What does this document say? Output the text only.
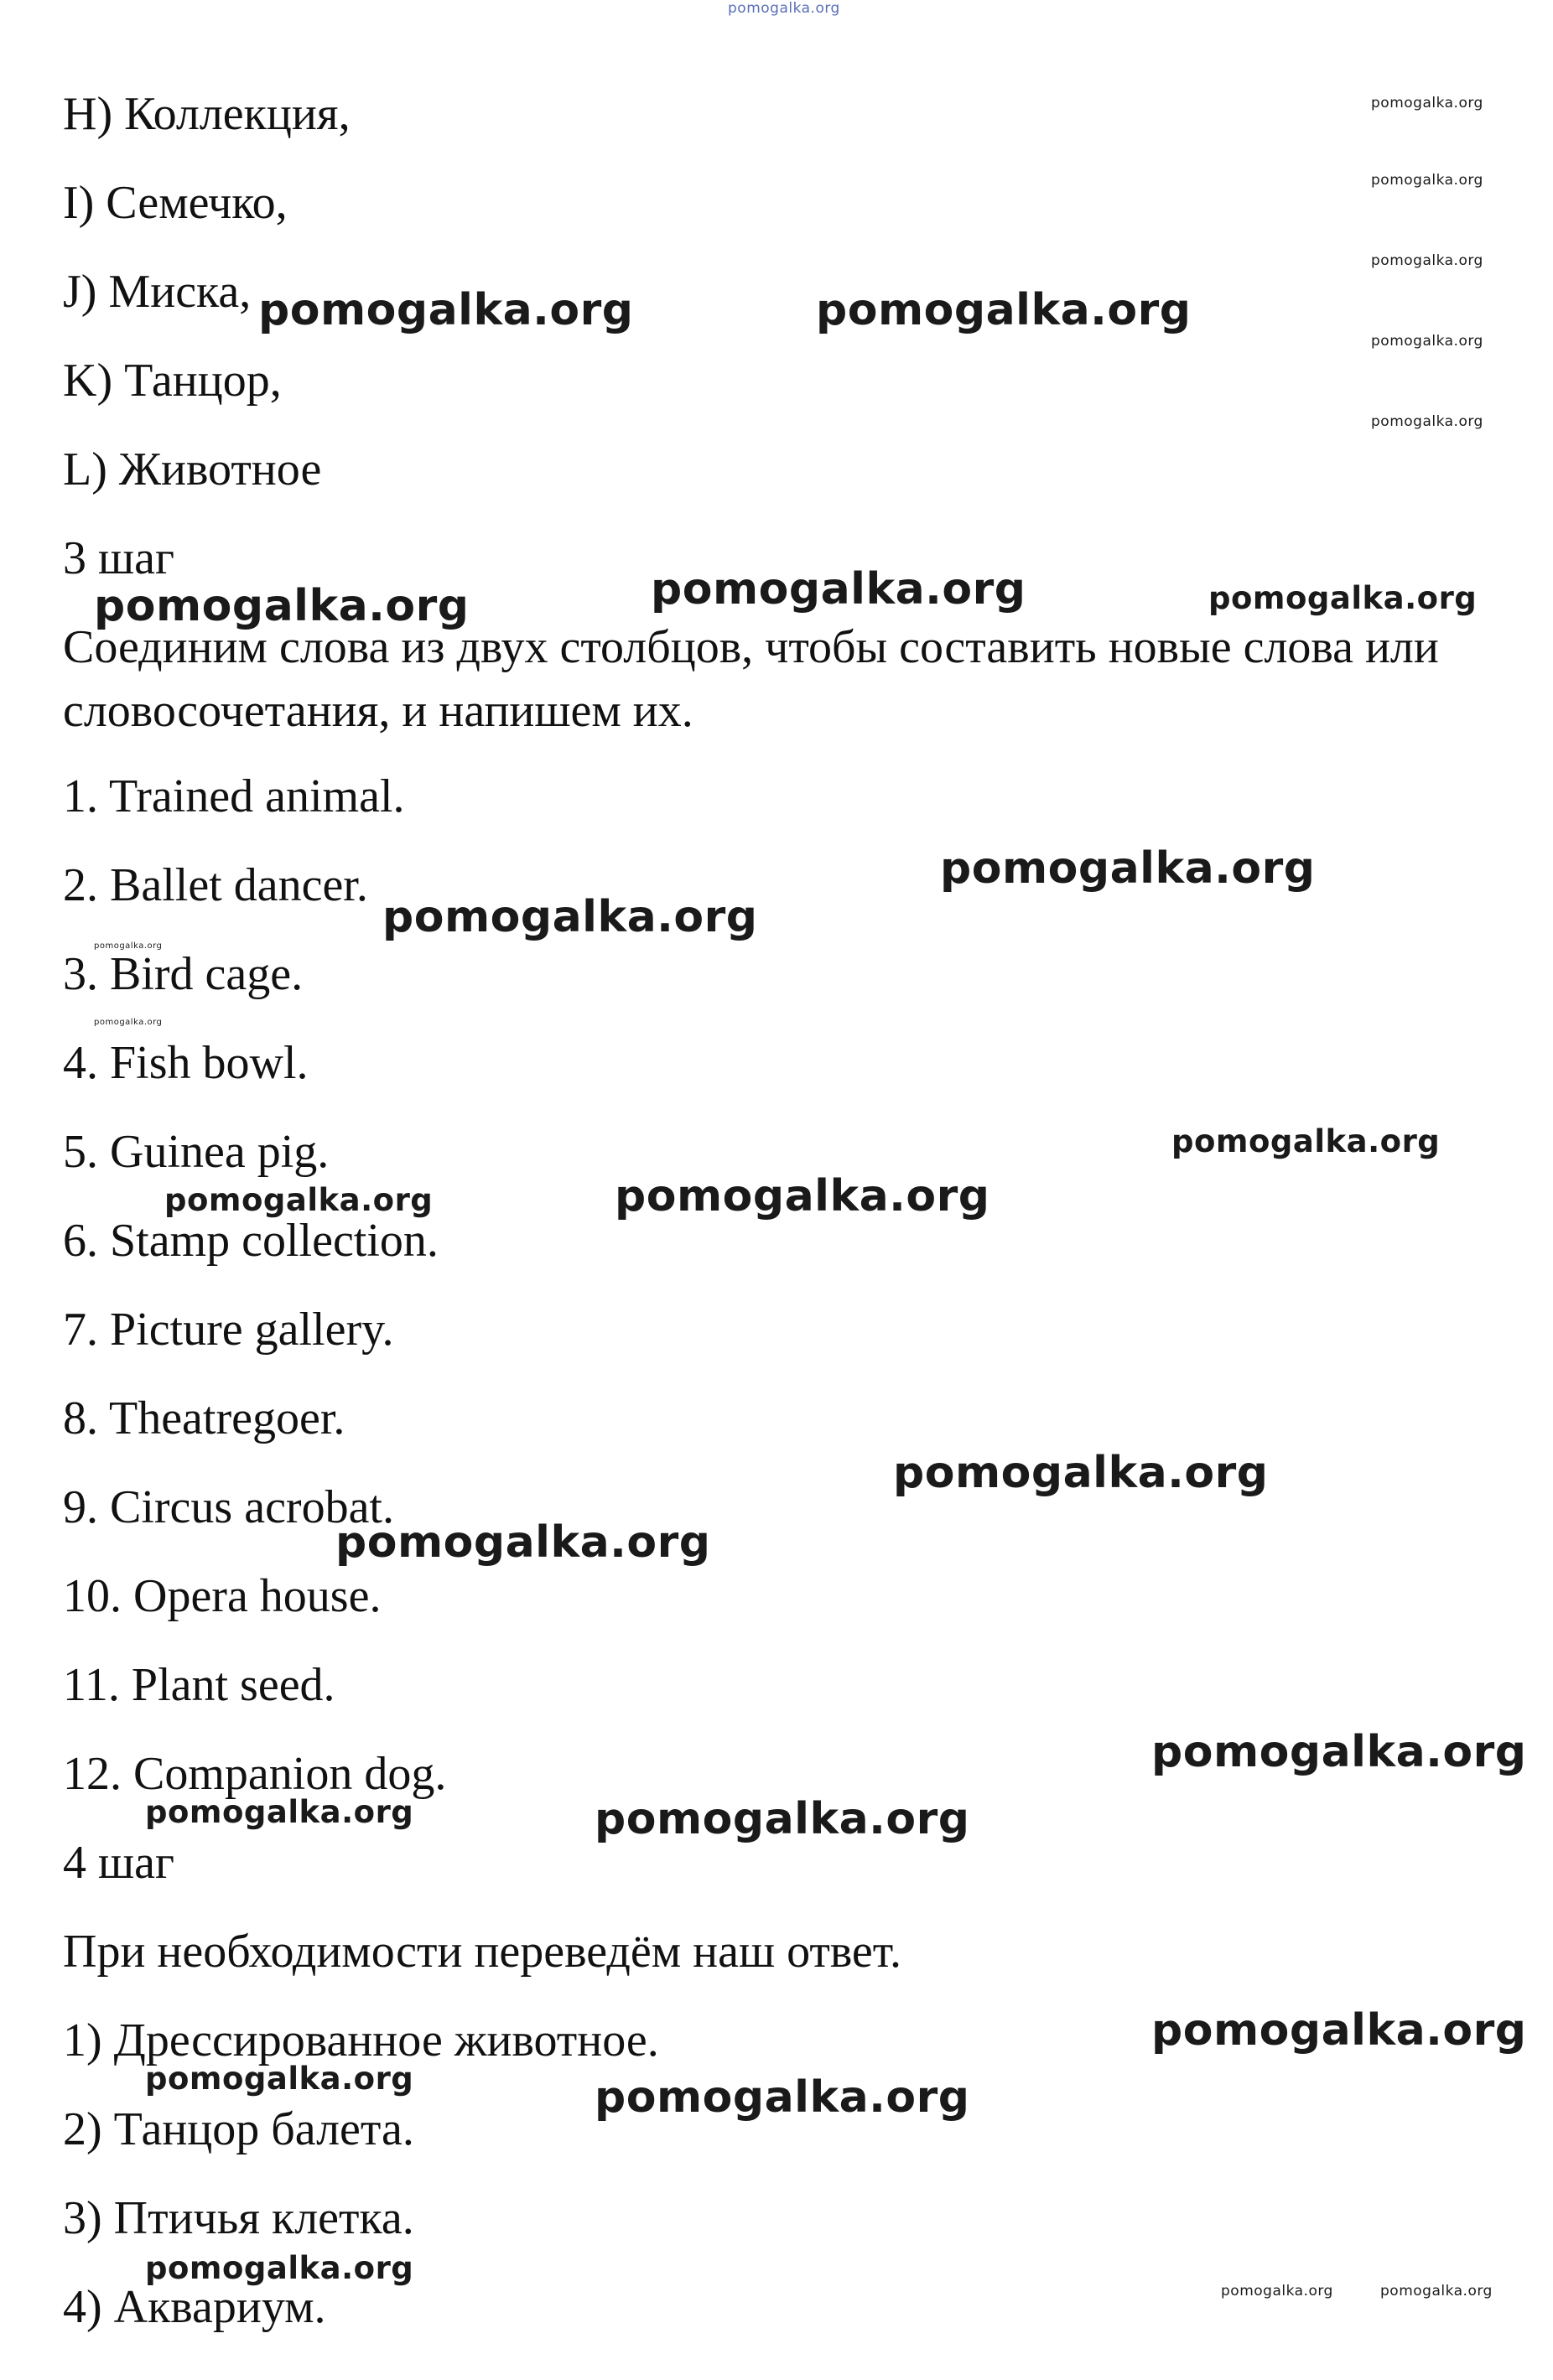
pomogalka.org
H) Коллекция,
I) Семечко,
J) Миска,
K) Танцор,
L) Животное
3 шаг
Соединим слова из двух столбцов, чтобы составить новые слова или словосочетания, и напишем их.
1. Trained animal.
2. Ballet dancer.
3. Bird cage.
4. Fish bowl.
5. Guinea pig.
6. Stamp collection.
7. Picture gallery.
8. Theatregoer.
9. Circus acrobat.
10. Opera house.
11. Plant seed.
12. Companion dog.
4 шаг
При необходимости переведём наш ответ.
1) Дрессированное животное.
2) Танцор балета.
3) Птичья клетка.
4) Аквариум.
pomogalka.org	pomogalka.org
pomogalka.org	pomogalka.org
pomogalka.org
pomogalka.org
pomogalka.org
pomogalka.org
pomogalka.org
pomogalka.org
pomogalka.org
pomogalka.org
pomogalka.org
pomogalka.org
pomogalka.org
pomogalka.org
pomogalka.org
pomogalka.org
pomogalka.org
pomogalka.org
pomogalka.org
pomogalka.org
pomogalka.org
pomogalka.org
pomogalka.org	pomogalka.org
pomogalka.org
pomogalka.org
